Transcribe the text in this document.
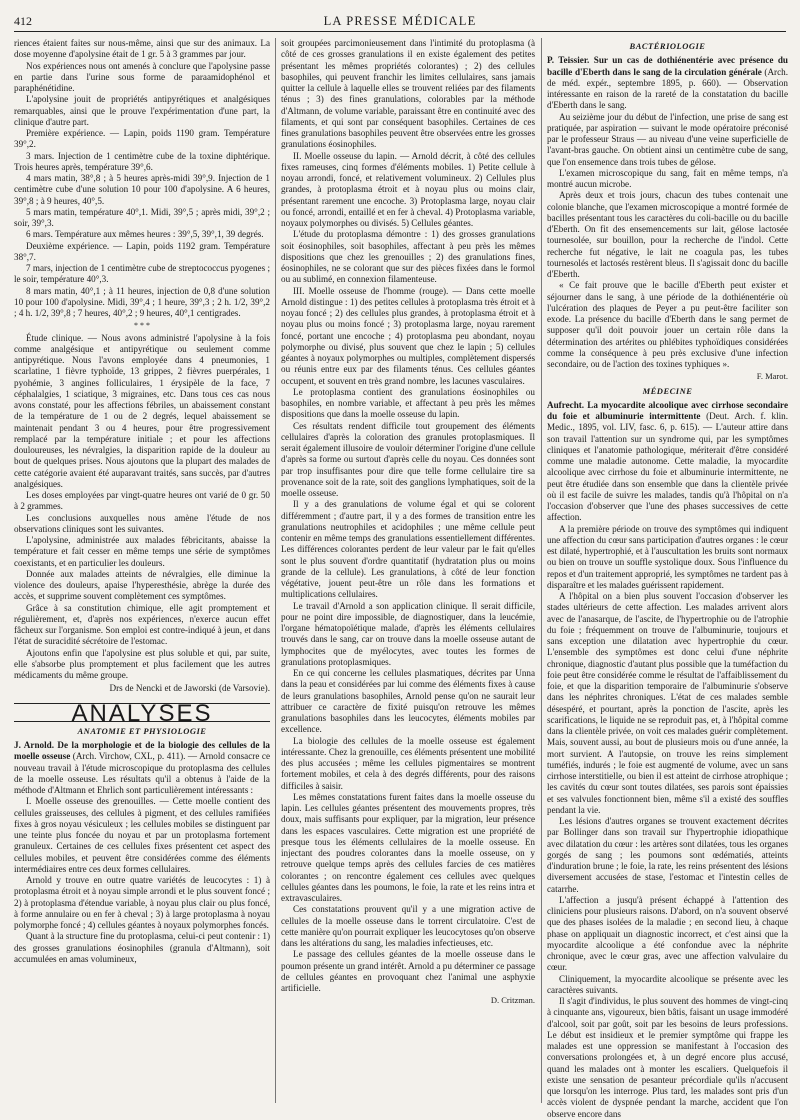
412	LA PRESSE MÉDICALE

riences étaient faites sur nous-même, ainsi que sur des animaux. La dose moyenne d'apolysine était de 1 gr. 5 à 3 grammes par jour.

Nos expériences nous ont amenés à conclure que l'apolysine passe en partie dans l'urine sous forme de paraamidophénol et paraphénétidine.

L'apolysine jouit de propriétés antipyrétiques et analgésiques remarquables, ainsi que le prouve l'expérimentation d'une part, la clinique d'autre part.

Première expérience. — Lapin, poids 1190 gram. Température 39°,2.

3 mars. Injection de 1 centimètre cube de la toxine diphtérique. Trois heures après, température 39°,6.

4 mars matin, 38°,8 ; à 5 heures après-midi 39°,9. Injection de 1 centimètre cube d'une solution 10 pour 100 d'apolysine. A 6 heures, 39°,8 ; à 9 heures, 40°,5.

5 mars matin, température 40°,1. Midi, 39°,5 ; après midi, 39°,2 ; soir, 39°,3.

6 mars. Température aux mêmes heures : 39°,5, 39°,1, 39 degrés.

Deuxième expérience. — Lapin, poids 1192 gram. Température 38°,7.

7 mars, injection de 1 centimètre cube de streptococcus pyogenes ; le soir, température 40°,3.

8 mars matin, 40°,1 ; à 11 heures, injection de 0,8 d'une solution 10 pour 100 d'apolysine. Midi, 39°,4 ; 1 heure, 39°,3 ; 2 h. 1/2, 39°,2 ; 4 h. 1/2, 39°,8 ; 7 heures, 40°,2 ; 9 heures, 40°,1 centigrades.

* * *

Étude clinique. — Nous avons administré l'apolysine à la fois comme analgésique et antipyrétique ou seulement comme antipyrétique. Nous l'avons employée dans 4 pneumonies, 1 scarlatine, 1 fièvre typhoïde, 13 grippes, 2 fièvres puerpérales, 1 pyohémie, 3 angines folliculaires, 1 érysipèle de la face, 7 céphalalgies, 1 sciatique, 3 migraines, etc. Dans tous ces cas nous avons constaté, pour les affections fébriles, un abaissement constant de la température de 1 ou de 2 degrés, lequel abaissement se maintenait pendant 3 ou 4 heures, pour être progressivement remplacé par la température initiale ; et pour les affections douloureuses, les névralgies, la disparition rapide de la douleur au bout de quelques prises. Nous ajoutons que la plupart des malades de cette catégorie avaient été auparavant traités, sans succès, par d'autres analgésiques.

Les doses employées par vingt-quatre heures ont varié de 0 gr. 50 à 2 grammes.

Les conclusions auxquelles nous amène l'étude de nos observations cliniques sont les suivantes.

L'apolysine, administrée aux malades fébricitants, abaisse la température et fait cesser en même temps une série de symptômes coexistants, et en particulier les douleurs.

Donnée aux malades atteints de névralgies, elle diminue la violence des douleurs, apaise l'hyperesthésie, abrège la durée des accès, et supprime souvent complètement ces symptômes.

Grâce à sa constitution chimique, elle agit promptement et régulièrement, et, d'après nos expériences, n'exerce aucun effet fâcheux sur l'organisme. Son emploi est contre-indiqué à jeun, et dans l'état de suracidité sécrétoire de l'estomac.

Ajoutons enfin que l'apolysine est plus soluble et qui, par suite, elle s'absorbe plus promptement et plus facilement que les autres médicaments du même groupe.

Drs de Nencki et de Jaworski (de Varsovie).
ANALYSES
ANATOMIE ET PHYSIOLOGIE

J. Arnold. De la morphologie et de la biologie des cellules de la moelle osseuse (Arch. Virchow, CXL, p. 411). — Arnold consacre ce nouveau travail à l'étude microscopique du protoplasma des cellules de la moelle osseuse. Les résultats qu'il a obtenus à l'aide de la méthode d'Altmann et Ehrlich sont particulièrement intéressants :

I. Moelle osseuse des grenouilles. — Cette moelle contient des cellules graisseuses, des cellules à pigment, et des cellules ramifiées fixes à gros noyau vésiculeux ; les cellules mobiles se distinguent par une teinte plus foncée du noyau et par un protoplasma fortement granuleux. Certaines de ces cellules fixes présentent cet aspect des cellules mobiles, et peuvent être considérées comme des éléments intermédiaires entre ces deux formes cellulaires.

Arnold y trouve en outre quatre variétés de leucocytes : 1) à protoplasma étroit et à noyau simple arrondi et le plus souvent foncé ; 2) à protoplasma d'étendue variable, à noyau plus clair ou plus foncé, à forme annulaire ou en fer à cheval ; 3) à large protoplasma à noyau polymorphe foncé ; 4) cellules géantes à noyaux polymorphes foncés.

Quant à la structure fine du protoplasma, celui-ci peut contenir : 1) des grosses granulations éosinophiles (granula d'Altmann), soit accumulées en amas volumineux,

soit groupées parcimonieusement dans l'intimité du protoplasma (à côté de ces grosses granulations il en existe également des petites présentant les mêmes propriétés colorantes) ; 2) des cellules basophiles, qui peuvent franchir les limites cellulaires, sans jamais quitter la cellule à laquelle elles se trouvent reliées par des filaments ténus ; 3) des fines granulations, colorables par la méthode d'Altmann, de volume variable, paraissant être en continuité avec des filaments, et qui sont par conséquent basophiles. Certaines de ces fines granulations basophiles peuvent être observées entre les grosses granulations éosinophiles.

II. Moelle osseuse du lapin. — Arnold décrit, à côté des cellules fixes rameuses, cinq formes d'éléments mobiles. 1) Petite cellule à noyau arrondi, foncé, et relativement volumineux. 2) Cellules plus grandes, à protoplasma étroit et à noyau plus ou moins clair, présentant rarement une encoche. 3) Protoplasma large, noyau clair ou foncé, arrondi, entaillé et en fer à cheval. 4) Protoplasma variable, noyaux polymorphes ou divisés. 5) Cellules géantes.

L'étude du protoplasma démontre : 1) des grosses granulations soit éosinophiles, soit basophiles, affectant à peu près les mêmes dispositions que chez les grenouilles ; 2) des granulations fines, éosinophiles, ne se colorant que sur des pièces fixées dans le formol ou au sublimé, en connexion filamenteuse.

III. Moelle osseuse de l'homme (rouge). — Dans cette moelle Arnold distingue : 1) des petites cellules à protoplasma très étroit et à noyau foncé ; 2) des cellules plus grandes, à protoplasma étroit et à noyau plus ou moins foncé ; 3) protoplasma large, noyau rarement foncé, portant une encoche ; 4) protoplasma peu abondant, noyau polymorphe ou divisé, plus souvent que chez le lapin ; 5) cellules géantes à noyaux polymorphes ou multiples, complètement dispersés ou réunis entre eux par des filaments ténus. Ces cellules géantes occupent, et souvent en très grand nombre, les lacunes vasculaires.

Le protoplasma contient des granulations éosinophiles ou basophiles, en nombre variable, et affectant à peu près les mêmes dispositions que dans la moelle osseuse du lapin.

Ces résultats rendent difficile tout groupement des éléments cellulaires d'après la coloration des granules protoplasmiques. Il serait également illusoire de vouloir déterminer l'origine d'une cellule d'après sa forme ou surtout d'après celle du noyau. Ces données sont par trop insuffisantes pour dire que telle forme cellulaire tire sa provenance soit de la rate, soit des ganglions lymphatiques, soit de la moelle osseuse.

Il y a des granulations de volume égal et qui se colorent différemment ; d'autre part, il y a des formes de transition entre les granulations neutrophiles et acidophiles ; une même cellule peut contenir en même temps des granulations essentiellement différentes. Les différences colorantes perdent de leur valeur par le fait qu'elles sont le plus souvent d'ordre quantitatif (hydratation plus ou moins grande de la cellule). Les granulations, à côté de leur fonction végétative, jouent peut-être un rôle dans les formations et multiplications cellulaires.

Le travail d'Arnold a son application clinique. Il serait difficile, pour ne point dire impossible, de diagnostiquer, dans la leucémie, l'organe hématopoïétique malade, d'après les éléments cellulaires trouvés dans le sang, car on trouve dans la moelle osseuse autant de lymphocites que de myélocytes, avec toutes les formes de granulations protoplasmiques.

En ce qui concerne les cellules plasmatiques, décrites par Unna dans la peau et considérées par lui comme des éléments fixes à cause de leurs granulations basophiles, Arnold pense qu'on ne saurait leur attribuer ce caractère de fixité puisqu'on retrouve les mêmes granulations basophiles dans les leucocytes, éléments mobiles par excellence.

La biologie des cellules de la moelle osseuse est également intéressante. Chez la grenouille, ces éléments présentent une mobilité des plus accusées ; même les cellules pigmentaires se montrent fortement mobiles, et cela à des degrés différents, pour des raisons difficiles à saisir.

Les mêmes constatations furent faites dans la moelle osseuse du lapin. Les cellules géantes présentent des mouvements propres, très doux, mais suffisants pour expliquer, par la migration, leur présence dans les espaces vasculaires. Cette migration est une propriété de presque tous les éléments cellulaires de la moelle osseuse. En injectant des poudres colorantes dans la moelle osseuse, on y retrouve quelque temps après des cellules farcies de ces matières colorantes ; on rencontre également ces cellules avec quelques cellules géantes dans les poumons, le foie, la rate et les reins intra et extravasculaires.

Ces constatations prouvent qu'il y a une migration active de cellules de la moelle osseuse dans le torrent circulatoire. C'est de cette manière qu'on pourrait expliquer les leucocytoses qu'on observe dans les altérations du sang, les maladies infectieuses, etc.

Le passage des cellules géantes de la moelle osseuse dans le poumon présente un grand intérêt. Arnold a pu déterminer ce passage de cellules géantes en provoquant chez l'animal une asphyxie artificielle.

D. Critzman.
BACTÉRIOLOGIE

P. Teissier. Sur un cas de dothiénentérie avec présence du bacille d'Eberth dans le sang de la circulation générale (Arch. de méd. expér., septembre 1895, p. 660). — Observation intéressante en raison de la rareté de la constatation du bacille d'Eberth dans le sang.

Au seizième jour du début de l'infection, une prise de sang est pratiquée, par aspiration — suivant le mode opératoire préconisé par le professeur Straus — au niveau d'une veine superficielle de l'avant-bras gauche. On obtient ainsi un centimètre cube de sang, que l'on ensemence dans trois tubes de gélose.

L'examen microscopique du sang, fait en même temps, n'a montré aucun microbe.

Après deux et trois jours, chacun des tubes contenait une colonie blanche, que l'examen microscopique a montré formée de bacilles présentant tous les caractères du coli-bacille ou du bacille d'Eberth. On fit des ensemencements sur lait, gélose lactosée tournesolée, sur bouillon, pour la recherche de l'indol. Cette recherche fut négative, le lait ne coagula pas, les tubes tournesolés et lactosés restèrent bleus. Il s'agissait donc du bacille d'Eberth.

« Ce fait prouve que le bacille d'Eberth peut exister et séjourner dans le sang, à une période de la dothiénentérie où l'ulcération des plaques de Peyer a pu peut-être faciliter son exode. La présence du bacille d'Eberth dans le sang permet de supposer qu'il doit pouvoir jouer un certain rôle dans la détermination des artérites ou phlébites typhoïdiques considérées comme la conséquence à peu près exclusive d'une infection secondaire, ou de l'action des toxines typhiques ».

F. Marot.
MÉDECINE

Aufrecht. La myocardite alcoolique avec cirrhose secondaire du foie et albuminurie intermittente (Deut. Arch. f. klin. Medic., 1895, vol. LIV, fasc. 6, p. 615). — L'auteur attire dans son travail l'attention sur un syndrome qui, par les symptômes cliniques et l'anatomie pathologique, mériterait d'être considéré comme une maladie autonome. Cette maladie, la myocardite alcoolique avec cirrhose du foie et albuminurie intermittente, ne peut être étudiée dans son ensemble que dans la clientèle privée où il est facile de suivre les malades, tandis qu'à l'hôpital on n'a l'occasion d'observer que l'une des phases successives de cette affection.

A la première période on trouve des symptômes qui indiquent une affection du cœur sans participation d'autres organes : le cœur est dilaté, hypertrophié, et à l'auscultation les bruits sont normaux ou bien on trouve un souffle systolique doux. Sous l'influence du repos et d'un traitement approprié, les symptômes ne tardent pas à disparaître et les malades guérissent rapidement.

A l'hôpital on a bien plus souvent l'occasion d'observer les stades ultérieurs de cette affection. Les malades arrivent alors avec de l'anasarque, de l'ascite, de l'hypertrophie ou de l'atrophie du foie ; fréquemment on trouve de l'albuminurie, toujours et sans exception une dilatation avec hypertrophie du cœur. L'ensemble des symptômes est donc celui d'une néphrite chronique, diagnostic d'autant plus possible que la tuméfaction du foie peut être considérée comme le résultat de l'affaiblissement du foie, et que la disparition temporaire de l'albuminurie s'observe dans les néphrites chroniques. L'état de ces malades semble désespéré, et pourtant, après la ponction de l'ascite, après les scarifications, le liquide ne se reproduit pas, et, à l'hôpital comme dans la clientèle privée, on voit ces malades guérir complètement. Mais, souvent aussi, au bout de plusieurs mois ou d'une année, la mort survient. A l'autopsie, on trouve les reins simplement tuméfiés, indurés ; le foie est augmenté de volume, avec un sans cirrhose interstitielle, ou bien il est atteint de cirrhose atrophique ; les cavités du cœur sont toutes dilatées, ses parois sont épaissies et ses valvules fonctionnent bien, même s'il a existé des souffles pendant la vie.

Les lésions d'autres organes se trouvent exactement décrites par Bollinger dans son travail sur l'hypertrophie idiopathique avec dilatation du cœur : les artères sont dilatées, tous les organes gorgés de sang ; les poumons sont œdématiés, atteints d'induration brune ; le foie, la rate, les reins présentent des lésions diversement accusées de stase, l'estomac et l'intestin celles de catarrhe.

L'affection a jusqu'à présent échappé à l'attention des cliniciens pour plusieurs raisons. D'abord, on n'a souvent observé que des phases isolées de la maladie ; en second lieu, à chaque phase on appliquait un diagnostic incorrect, et c'est ainsi que la myocardite alcoolique a été confondue avec la néphrite chronique, avec le cœur gras, avec une affection valvulaire du cœur.

Cliniquement, la myocardite alcoolique se présente avec les caractères suivants.

Il s'agit d'individus, le plus souvent des hommes de vingt-cinq à cinquante ans, vigoureux, bien bâtis, faisant un usage immodéré d'alcool, soit par goût, soit par les besoins de leurs professions. Le début est insidieux et le premier symptôme qui frappe les malades est une oppression se manifestant à l'occasion des conversations prolongées et, à un degré encore plus accusé, quand les malades ont à monter les escaliers. Quelquefois il existe une sensation de pesanteur précordiale qu'ils n'accusent que lorsqu'on les interroge. Plus tard, les malades sont pris d'un accès violent de dyspnée pendant la marche, accident que l'on observe encore dans
